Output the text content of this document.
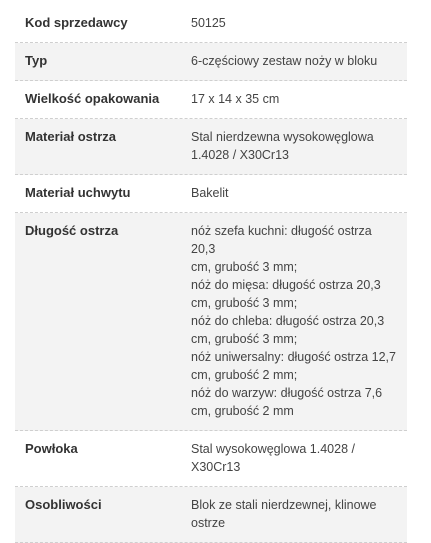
Kod sprzedawcy	50125
Typ	6-częściowy zestaw noży w bloku
Wielkość opakowania	17 x 14 x 35 cm
Materiał ostrza	Stal nierdzewna wysokowęglowa
1.4028 / X30Cr13
Materiał uchwytu	Bakelit
Długość ostrza	nóż szefa kuchni: długość ostrza 20,3
cm, grubość 3 mm;
nóż do mięsa: długość ostrza 20,3
cm, grubość 3 mm;
nóż do chleba: długość ostrza 20,3
cm, grubość 3 mm;
nóż uniwersalny: długość ostrza 12,7
cm, grubość 2 mm;
nóż do warzyw: długość ostrza 7,6
cm, grubość 2 mm
Powłoka	Stal wysokowęglowa 1.4028 /
X30Cr13
Osobliwości	Blok ze stali nierdzewnej, klinowe
ostrze
